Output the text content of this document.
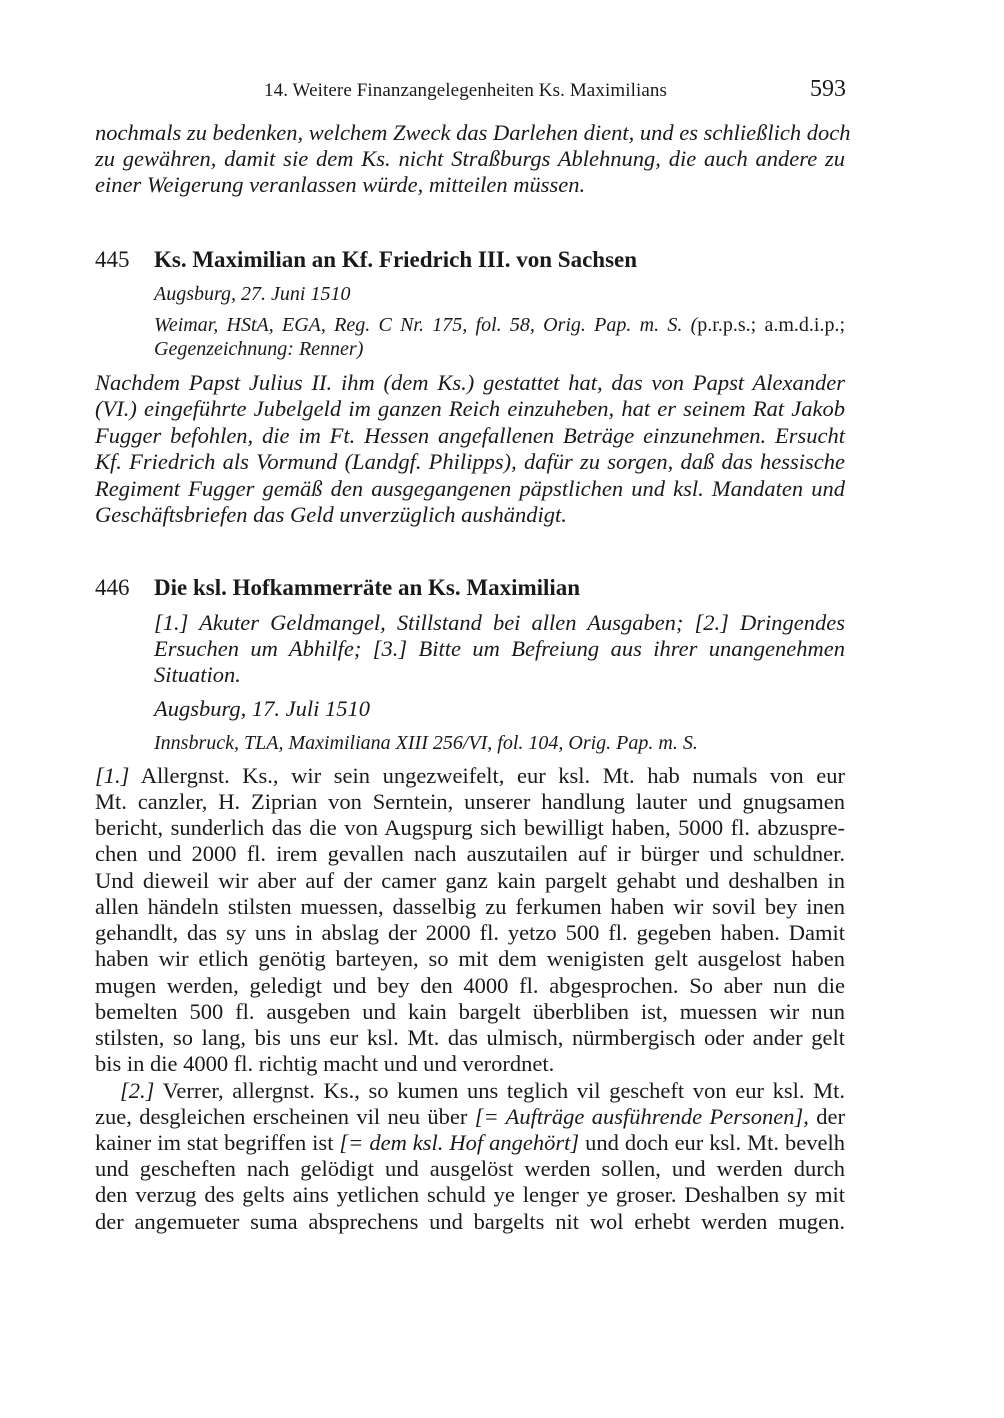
14. Weitere Finanzangelegenheiten Ks. Maximilians	593
nochmals zu bedenken, welchem Zweck das Darlehen dient, und es schließlich doch
zu gewähren, damit sie dem Ks. nicht Straßburgs Ablehnung, die auch andere zu
einer Weigerung veranlassen würde, mitteilen müssen.
445 Ks. Maximilian an Kf. Friedrich III. von Sachsen
Augsburg, 27. Juni 1510
Weimar, HStA, EGA, Reg. C Nr. 175, fol. 58, Orig. Pap. m. S. (p.r.p.s.; a.m.d.i.p.;
Gegenzeichnung: Renner)
Nachdem Papst Julius II. ihm (dem Ks.) gestattet hat, das von Papst Alexander
(VI.) eingeführte Jubelgeld im ganzen Reich einzuheben, hat er seinem Rat Jakob
Fugger befohlen, die im Ft. Hessen angefallenen Beträge einzunehmen. Ersucht
Kf. Friedrich als Vormund (Landgf. Philipps), dafür zu sorgen, daß das hessische
Regiment Fugger gemäß den ausgegangenen päpstlichen und ksl. Mandaten und
Geschäftsbriefen das Geld unverzüglich aushändigt.
446 Die ksl. Hofkammerräte an Ks. Maximilian
[1.] Akuter Geldmangel, Stillstand bei allen Ausgaben; [2.] Dringendes
Ersuchen um Abhilfe; [3.] Bitte um Befreiung aus ihrer unangenehmen
Situation.
Augsburg, 17. Juli 1510
Innsbruck, TLA, Maximiliana XIII 256/VI, fol. 104, Orig. Pap. m. S.
[1.] Allergnst. Ks., wir sein ungezweifelt, eur ksl. Mt. hab numals von eur
Mt. canzler, H. Ziprian von Serntein, unserer handlung lauter und gnugsamen
bericht, sunderlich das die von Augspurg sich bewilligt haben, 5000 fl. abzuspre-
chen und 2000 fl. irem gevallen nach auszutailen auf ir bürger und schuldner.
Und dieweil wir aber auf der camer ganz kain pargelt gehabt und deshalben in
allen händeln stilsten muessen, dasselbig zu ferkumen haben wir sovil bey inen
gehandlt, das sy uns in abslag der 2000 fl. yetzo 500 fl. gegeben haben. Damit
haben wir etlich genötig barteyen, so mit dem wenigisten gelt ausgelost haben
mugen werden, geledigt und bey den 4000 fl. abgesprochen. So aber nun die
bemelten 500 fl. ausgeben und kain bargelt überbliben ist, muessen wir nun
stilsten, so lang, bis uns eur ksl. Mt. das ulmisch, nürmbergisch oder ander gelt
bis in die 4000 fl. richtig macht und und verordnet.
[2.] Verrer, allergnst. Ks., so kumen uns teglich vil gescheft von eur ksl. Mt.
zue, desgleichen erscheinen vil neu über [= Aufträge ausführende Personen], der
kainer im stat begriffen ist [= dem ksl. Hof angehört] und doch eur ksl. Mt. bevelh
und gescheften nach gelödigt und ausgelöst werden sollen, und werden durch
den verzug des gelts ains yetlichen schuld ye lenger ye groser. Deshalben sy mit
der angemueter suma absprechens und bargelts nit wol erhebt werden mugen.
